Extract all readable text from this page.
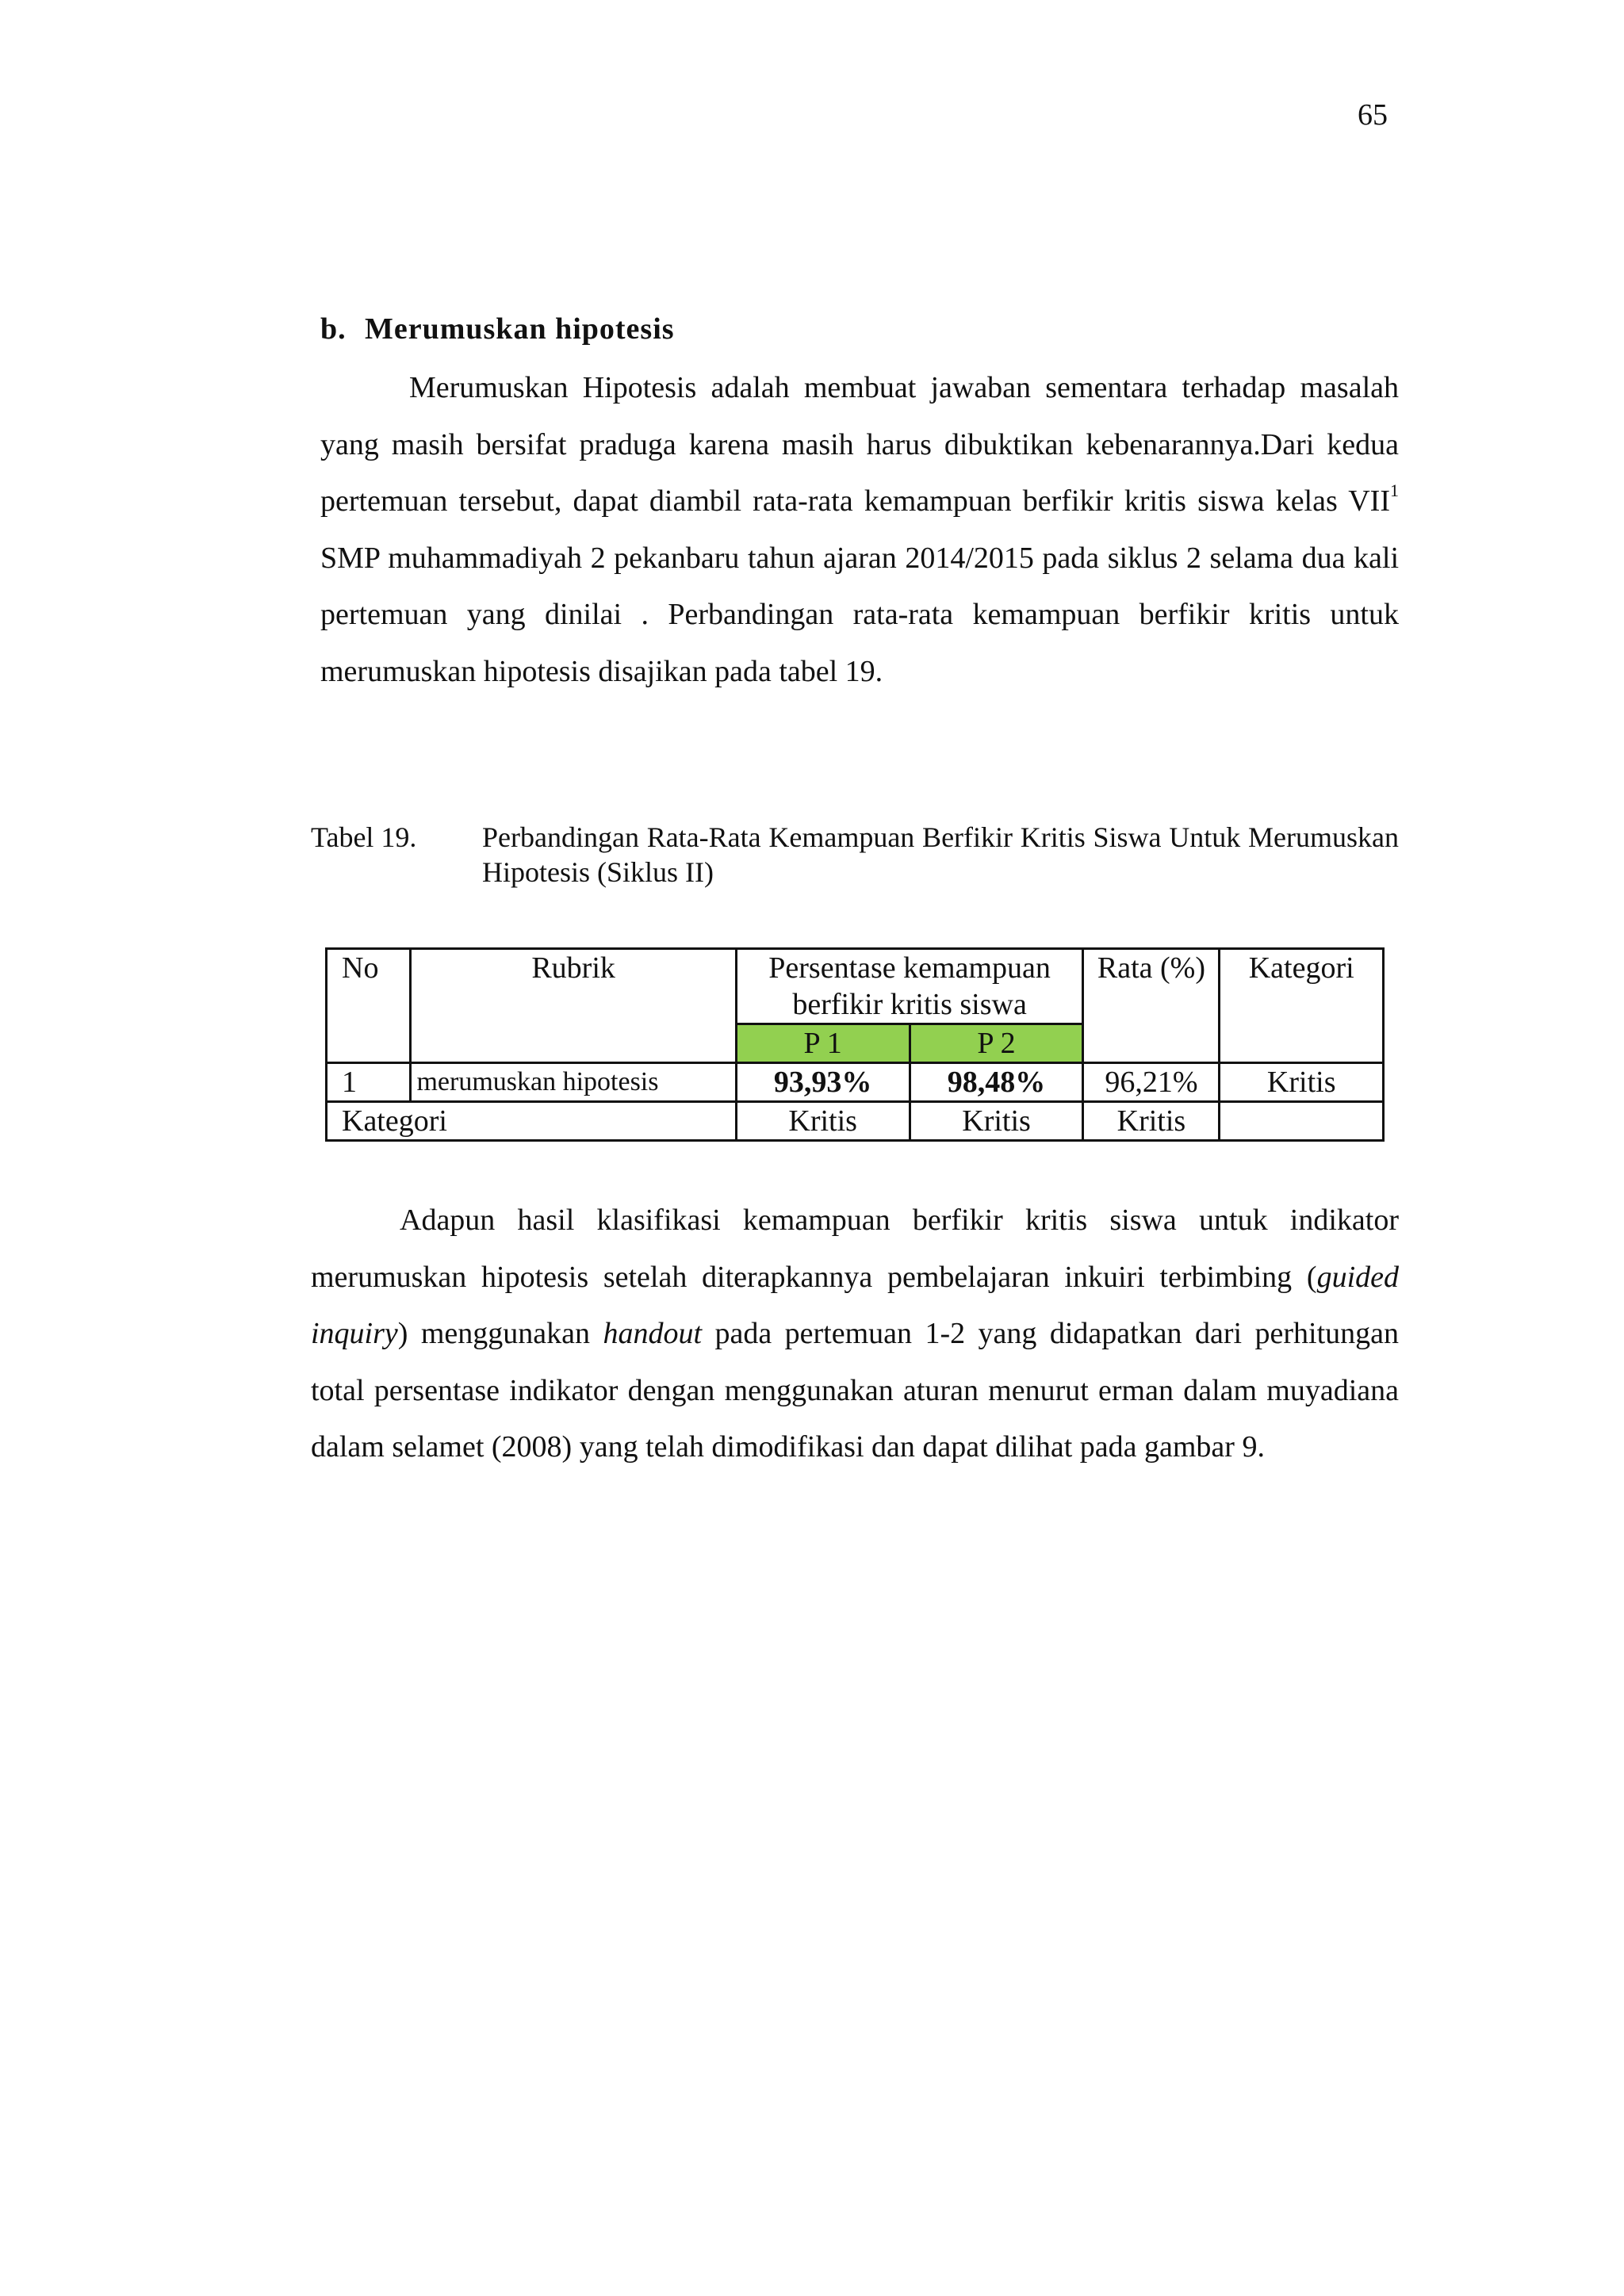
65
b. Merumuskan hipotesis

Merumuskan Hipotesis adalah membuat jawaban sementara terhadap masalah yang masih bersifat praduga karena masih harus dibuktikan kebenarannya.Dari kedua pertemuan tersebut, dapat diambil rata-rata kemampuan berfikir kritis siswa kelas VII$^1$ SMP muhammadiyah 2 pekanbaru tahun ajaran 2014/2015 pada siklus 2 selama dua kali pertemuan yang dinilai . Perbandingan rata-rata kemampuan berfikir kritis untuk merumuskan hipotesis disajikan pada tabel 19.

Tabel 19. Perbandingan Rata-Rata Kemampuan Berfikir Kritis Siswa Untuk Merumuskan Hipotesis (Siklus II)
No	Rubrik	Persentase kemampuan berfikir kritis siswa		Rata (%)	Kategori
		P 1	P 2		
1	merumuskan hipotesis	93,93%	98,48%	96,21%	Kritis
Kategori		Kritis	Kritis	Kritis	

Adapun hasil klasifikasi kemampuan berfikir kritis siswa untuk indikator merumuskan hipotesis setelah diterapkannya pembelajaran inkuiri terbimbing (guided inquiry) menggunakan handout pada pertemuan 1-2 yang didapatkan dari perhitungan total persentase indikator dengan menggunakan aturan menurut erman dalam muyadiana dalam selamet (2008) yang telah dimodifikasi dan dapat dilihat pada gambar 9.
